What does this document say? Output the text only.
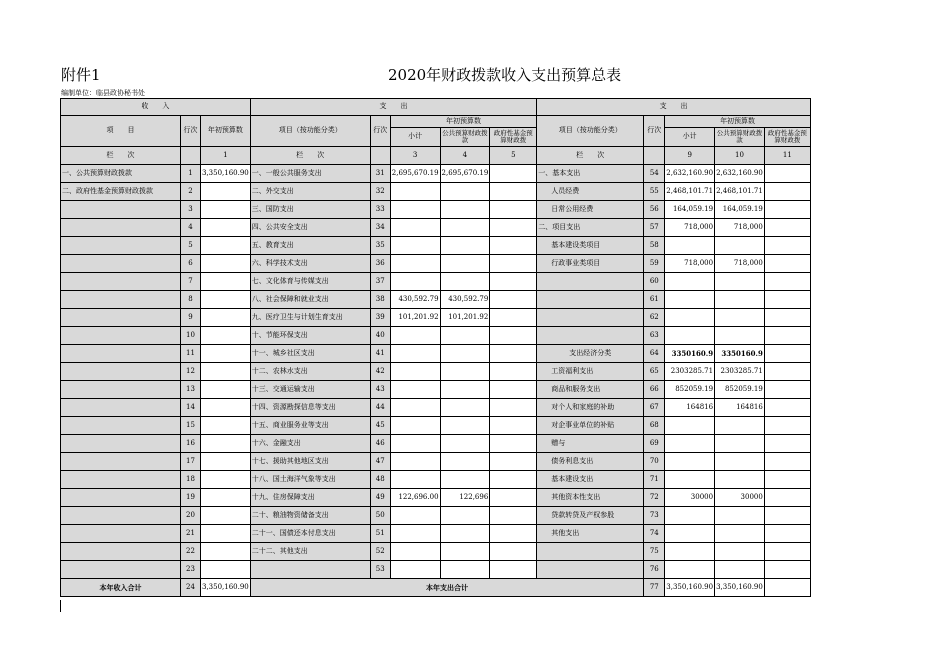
附件1	2020年财政拨款收入支出预算总表
编制单位：临县政协秘书处
收　　入			支　　出					支　　出				
项　　目	行次	年初预算数	项目（按功能分类）	行次	年初预算数			项目（按功能分类）	行次	年初预算数		
					小计	公共预算财政拨款	政府性基金预算财政拨			小计	公共预算财政拨款	政府性基金预算财政拨
栏　　次		1	栏　　次		3	4	5	栏　　次		9	10	11
一、公共预算财政拨款	1	3,350,160.90	一、一般公共服务支出	31	2,695,670.19	2,695,670.19		一、基本支出	54	2,632,160.90	2,632,160.90	
二、政府性基金预算财政拨款	2		二、外交支出	32				人员经费	55	2,468,101.71	2,468,101.71	
	3		三、国防支出	33				日常公用经费	56	164,059.19	164,059.19	
	4		四、公共安全支出	34				二、项目支出	57	718,000	718,000	
	5		五、教育支出	35				基本建设类项目	58			
	6		六、科学技术支出	36				行政事业类项目	59	718,000	718,000	
	7		七、文化体育与传媒支出	37					60			
	8		八、社会保障和就业支出	38	430,592.79	430,592.79			61			
	9		九、医疗卫生与计划生育支出	39	101,201.92	101,201.92			62			
	10		十、节能环保支出	40					63			
	11		十一、城乡社区支出	41				支出经济分类	64	3350160.9	3350160.9	
	12		十二、农林水支出	42				工资福利支出	65	2303285.71	2303285.71	
	13		十三、交通运输支出	43				商品和服务支出	66	852059.19	852059.19	
	14		十四、资源勘探信息等支出	44				对个人和家庭的补助	67	164816	164816	
	15		十五、商业服务业等支出	45				对企事业单位的补贴	68			
	16		十六、金融支出	46				赠与	69			
	17		十七、援助其他地区支出	47				债务利息支出	70			
	18		十八、国土海洋气象等支出	48				基本建设支出	71			
	19		十九、住房保障支出	49	122,696.00	122,696		其他资本性支出	72	30000	30000	
	20		二十、粮油物资储备支出	50				贷款转贷及产权参股	73			
	21		二十一、国债还本付息支出	51				其他支出	74			
	22		二十二、其他支出	52					75			
	23			53					76			
本年收入合计	24	3,350,160.90	本年支出合计						77	3,350,160.90	3,350,160.90	
